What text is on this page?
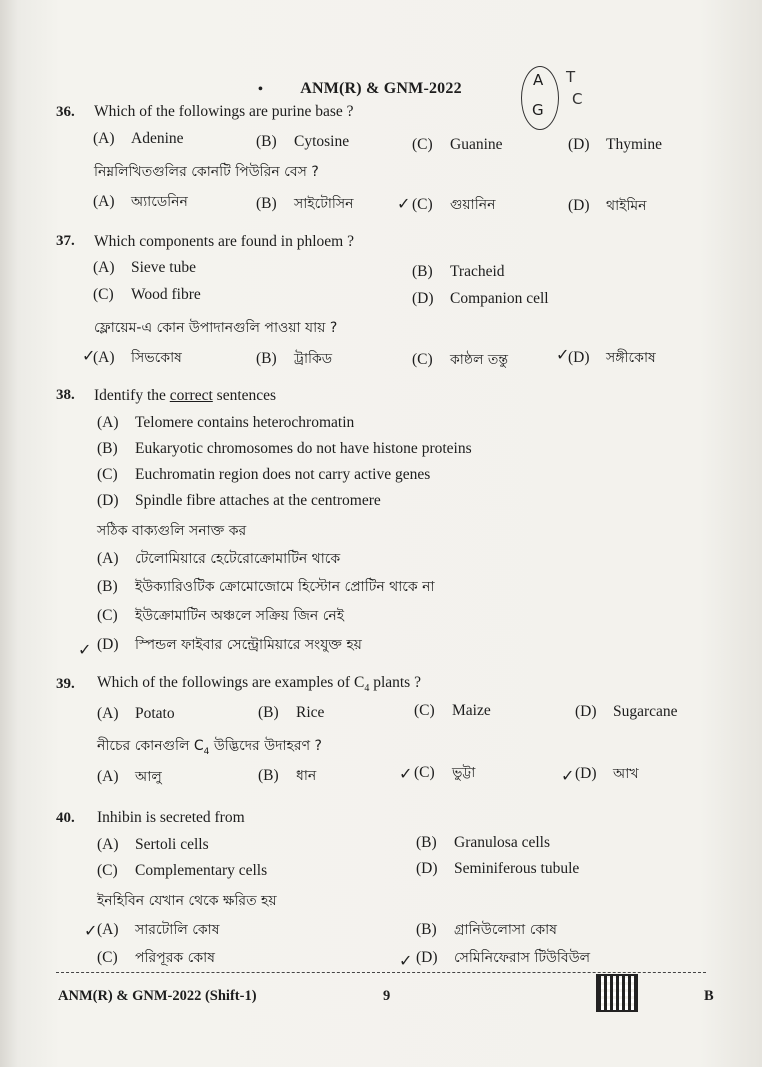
• ANM(R) & GNM-2022	A
G
T
C
36. Which of the followings are purine base ?
(A) Adenine	(B) Cytosine	(C) Guanine	(D) Thymine
নিম্নলিখিতগুলির কোনটি পিউরিন বেস ?
(A) অ্যাডেনিন	(B) সাইটোসিন	(C) গুয়ানিন	(D) থাইমিন
✓
37. Which components are found in phloem ?
(A) Sieve tube	(B) Tracheid
(C) Wood fibre	(D) Companion cell
ফ্লোয়েম-এ কোন উপাদানগুলি পাওয়া যায় ?
(A) সিভকোষ	(B) ট্রাকিড	(C) কাষ্ঠল তন্তু	(D) সঙ্গীকোষ
✓	✓
38. Identify the correct sentences
(A) Telomere contains heterochromatin
(B) Eukaryotic chromosomes do not have histone proteins
(C) Euchromatin region does not carry active genes
(D) Spindle fibre attaches at the centromere
সঠিক বাক্যগুলি সনাক্ত কর
(A) টেলোমিয়ারে হেটেরোক্রোমাটিন থাকে
(B) ইউক্যারিওটিক ক্রোমোজোমে হিস্টোন প্রোটিন থাকে না
(C) ইউক্রোমাটিন অঞ্চলে সক্রিয় জিন নেই
(D) স্পিন্ডল ফাইবার সেন্ট্রোমিয়ারে সংযুক্ত হয়
✓
39. Which of the followings are examples of $C_4$ plants ?
(A) Potato	(B) Rice	(C) Maize	(D) Sugarcane
নীচের কোনগুলি $C_4$ উদ্ভিদের উদাহরণ ?
(A) আলু	(B) ধান	(C) ভুট্টা	(D) আখ
✓	✓
40. Inhibin is secreted from
(A) Sertoli cells	(B) Granulosa cells
(C) Complementary cells	(D) Seminiferous tubule
ইনহিবিন যেখান থেকে ক্ষরিত হয়
(A) সারটোলি কোষ	(B) গ্রানিউলোসা কোষ
(C) পরিপূরক কোষ	(D) সেমিনিফেরাস টিউবিউল
✓
✓
ANM(R) & GNM-2022 (Shift-1)	9	B
